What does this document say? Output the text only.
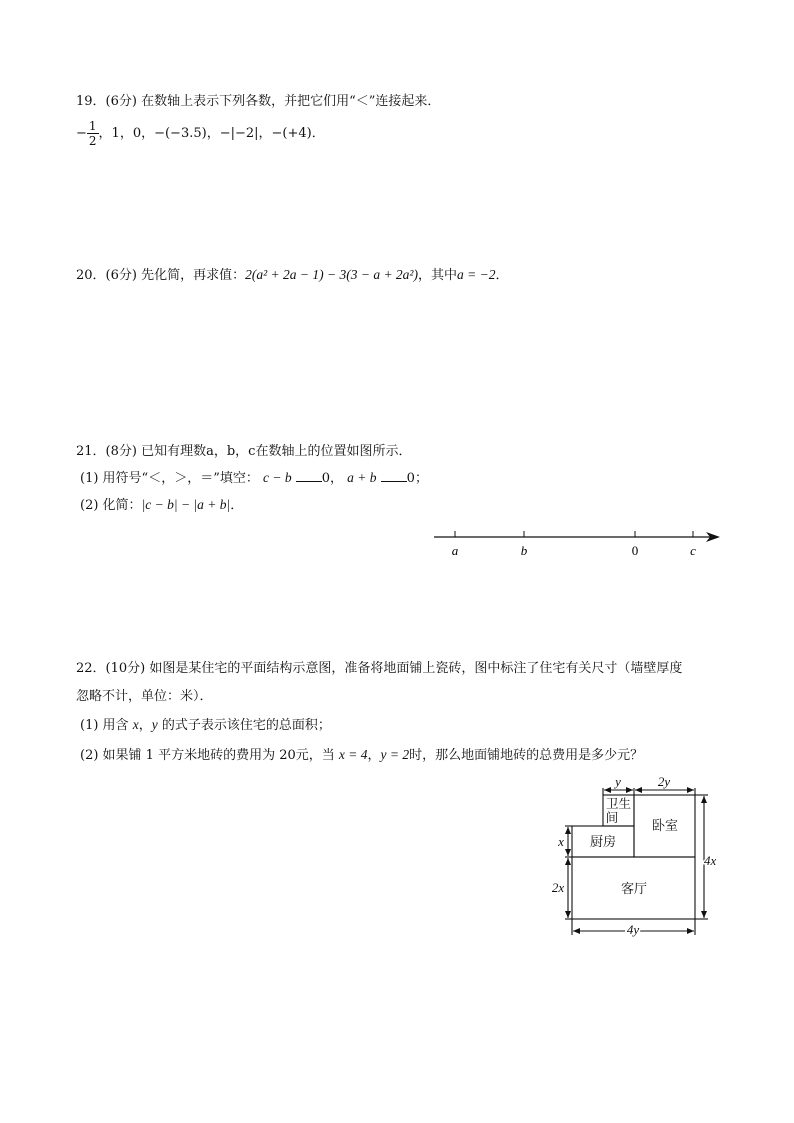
19．(6分) 在数轴上表示下列各数，并把它们用“＜”连接起来．
− $\frac{1}{2}$ ，1，0，−(−3.5)，−|−2|，−(+4)．
20．(6分) 先化简，再求值：2(a² + 2a − 1) − 3(3 − a + 2a²)，其中a = −2．
21．(8分) 已知有理数a，b，c在数轴上的位置如图所示．
(1) 用符号“＜，＞，＝”填空： c − b 0， a + b 0；
(2) 化简：|c − b| − |a + b|．
a	b	0	c
22．(10分) 如图是某住宅的平面结构示意图，准备将地面铺上瓷砖，图中标注了住宅有关尺寸（墙壁厚度
忽略不计，单位：米）．
(1) 用含 x，y 的式子表示该住宅的总面积；
(2) 如果铺 1 平方米地砖的费用为 20元，当 x = 4，y = 2时，那么地面铺地砖的总费用是多少元？
卫生
间	卧室
厨房
客厅
y	2y
x
2x
4x
4y
